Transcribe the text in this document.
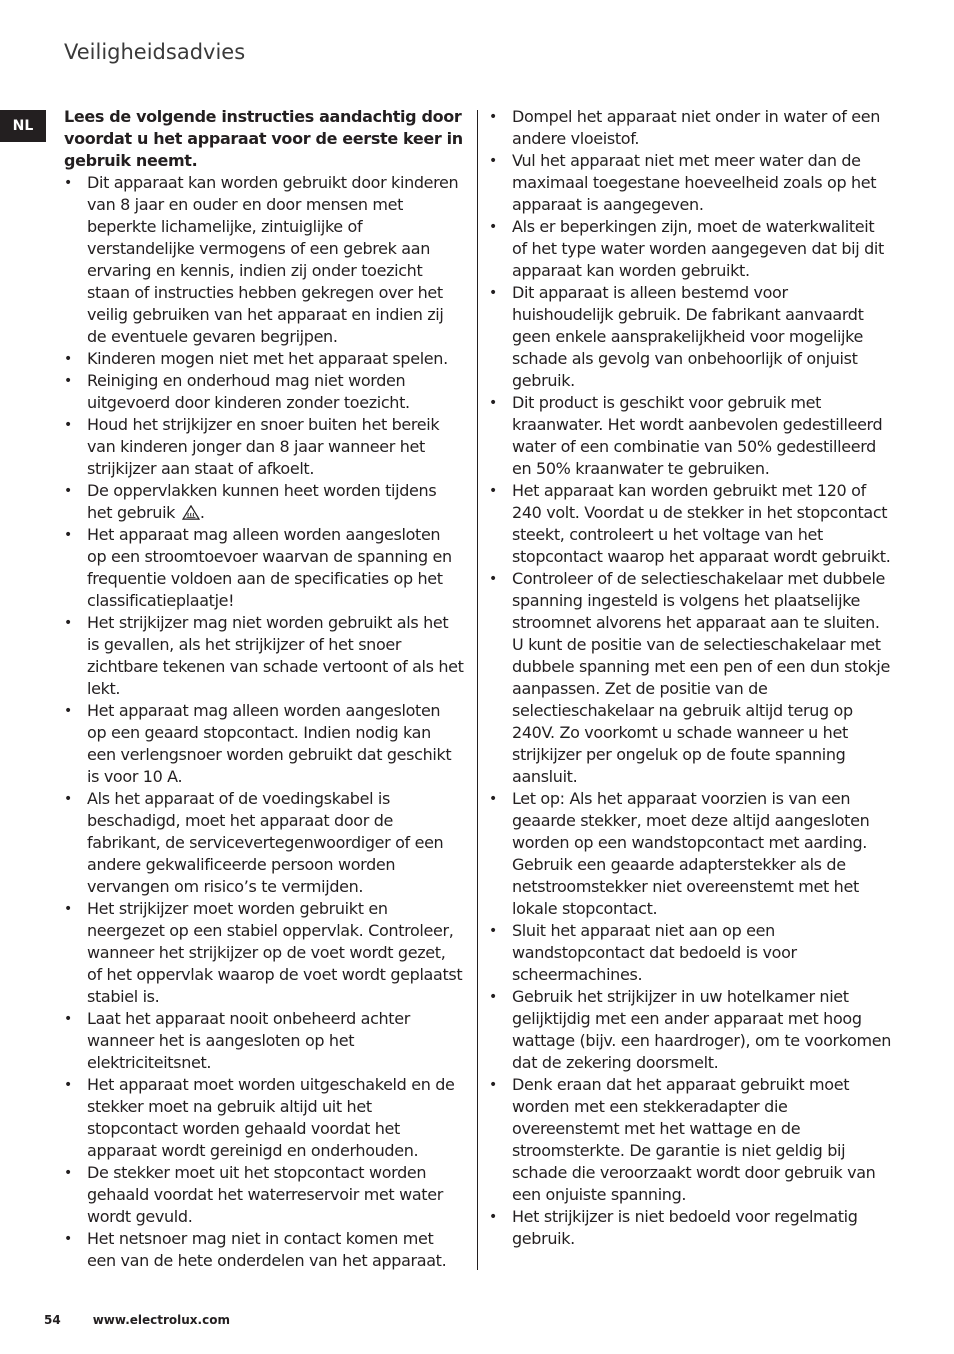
Veiligheidsadvies
NL	Lees de volgende instructies aandachtig door voordat u het apparaat voor de eerste keer in gebruik neemt.

• Dit apparaat kan worden gebruikt door kinderen van 8 jaar en ouder en door mensen met beperkte lichamelijke, zintuiglijke of verstandelijke vermogens of een gebrek aan ervaring en kennis, indien zij onder toezicht staan of instructies hebben gekregen over het veilig gebruiken van het apparaat en indien zij de eventuele gevaren begrijpen.
• Kinderen mogen niet met het apparaat spelen.
• Reiniging en onderhoud mag niet worden uitgevoerd door kinderen zonder toezicht.
• Houd het strijkijzer en snoer buiten het bereik van kinderen jonger dan 8 jaar wanneer het strijkijzer aan staat of afkoelt.
• De oppervlakken kunnen heet worden tijdens het gebruik .
• Het apparaat mag alleen worden aangesloten op een stroomtoevoer waarvan de spanning en frequentie voldoen aan de specificaties op het classificatieplaatje!
• Het strijkijzer mag niet worden gebruikt als het is gevallen, als het strijkijzer of het snoer zichtbare tekenen van schade vertoont of als het lekt.
• Het apparaat mag alleen worden aangesloten op een geaard stopcontact. Indien nodig kan een verlengsnoer worden gebruikt dat geschikt is voor 10 A.
• Als het apparaat of de voedingskabel is beschadigd, moet het apparaat door de fabrikant, de servicevertegenwoordiger of een andere gekwalificeerde persoon worden vervangen om risico’s te vermijden.
• Het strijkijzer moet worden gebruikt en neergezet op een stabiel oppervlak. Controleer, wanneer het strijkijzer op de voet wordt gezet, of het oppervlak waarop de voet wordt geplaatst stabiel is.
• Laat het apparaat nooit onbeheerd achter wanneer het is aangesloten op het elektriciteitsnet.
• Het apparaat moet worden uitgeschakeld en de stekker moet na gebruik altijd uit het stopcontact worden gehaald voordat het apparaat wordt gereinigd en onderhouden.
• De stekker moet uit het stopcontact worden gehaald voordat het waterreservoir met water wordt gevuld.
• Het netsnoer mag niet in contact komen met een van de hete onderdelen van het apparaat.
• Dompel het apparaat niet onder in water of een andere vloeistof.
• Vul het apparaat niet met meer water dan de maximaal toegestane hoeveelheid zoals op het apparaat is aangegeven.
• Als er beperkingen zijn, moet de waterkwaliteit of het type water worden aangegeven dat bij dit apparaat kan worden gebruikt.
• Dit apparaat is alleen bestemd voor huishoudelijk gebruik. De fabrikant aanvaardt geen enkele aansprakelijkheid voor mogelijke schade als gevolg van onbehoorlijk of onjuist gebruik.
• Dit product is geschikt voor gebruik met kraanwater. Het wordt aanbevolen gedestilleerd water of een combinatie van 50% gedestilleerd en 50% kraanwater te gebruiken.
• Het apparaat kan worden gebruikt met 120 of 240 volt. Voordat u de stekker in het stopcontact steekt, controleert u het voltage van het stopcontact waarop het apparaat wordt gebruikt.
• Controleer of de selectieschakelaar met dubbele spanning ingesteld is volgens het plaatselijke stroomnet alvorens het apparaat aan te sluiten. U kunt de positie van de selectieschakelaar met dubbele spanning met een pen of een dun stokje aanpassen. Zet de positie van de selectieschakelaar na gebruik altijd terug op 240V. Zo voorkomt u schade wanneer u het strijkijzer per ongeluk op de foute spanning aansluit.
• Let op: Als het apparaat voorzien is van een geaarde stekker, moet deze altijd aangesloten worden op een wandstopcontact met aarding. Gebruik een geaarde adapterstekker als de netstroomstekker niet overeenstemt met het lokale stopcontact.
• Sluit het apparaat niet aan op een wandstopcontact dat bedoeld is voor scheermachines.
• Gebruik het strijkijzer in uw hotelkamer niet gelijktijdig met een ander apparaat met hoog wattage (bijv. een haardroger), om te voorkomen dat de zekering doorsmelt.
• Denk eraan dat het apparaat gebruikt moet worden met een stekkeradapter die overeenstemt met het wattage en de stroomsterkte. De garantie is niet geldig bij schade die veroorzaakt wordt door gebruik van een onjuiste spanning.
• Het strijkijzer is niet bedoeld voor regelmatig gebruik.
54	www.electrolux.com
